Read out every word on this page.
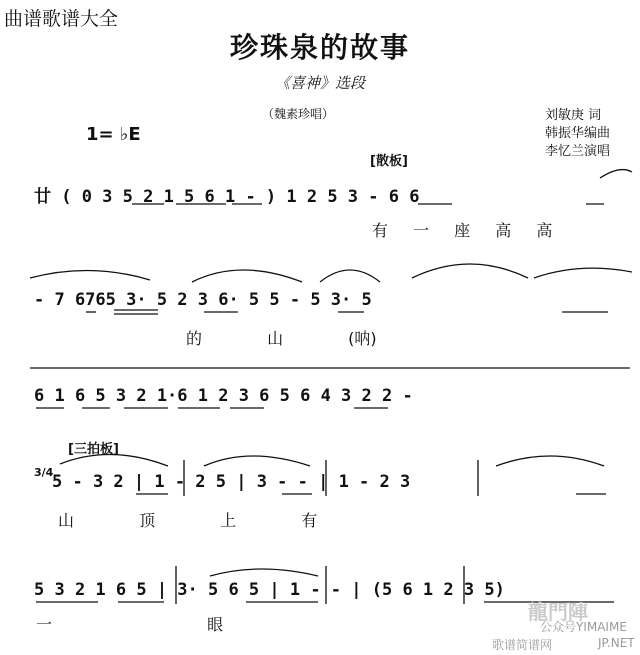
曲谱歌谱大全
珍珠泉的故事
《喜神》选段
（魏素珍唱）	刘敏庚 词
韩振华编曲
李忆兰演唱
1= ♭E
[散板]
[三拍板]
3/4
廿 ( 0 3 5 2 1 5 6 1 - ) 1 2 5 3 - 6 6
有 一 座 高 高
- 7 6765 3· 5 2 3 6· 5 5 - 5 3· 5
的 山 (呐)
6 1 6 5 3 2 1·6 1 2 3 6 5 6 4 3 2 2 -
5 - 3 2 | 1 - 2 5 | 3 - - | 1 - 2 3
山 顶 上 有
5 3 2 1 6 5 | 3· 5 6 5 | 1 - - | (5 6 1 2 3 5)
一 眼
龍門陣
公众号YIMAIME
歌谱简谱网	JP.NET
